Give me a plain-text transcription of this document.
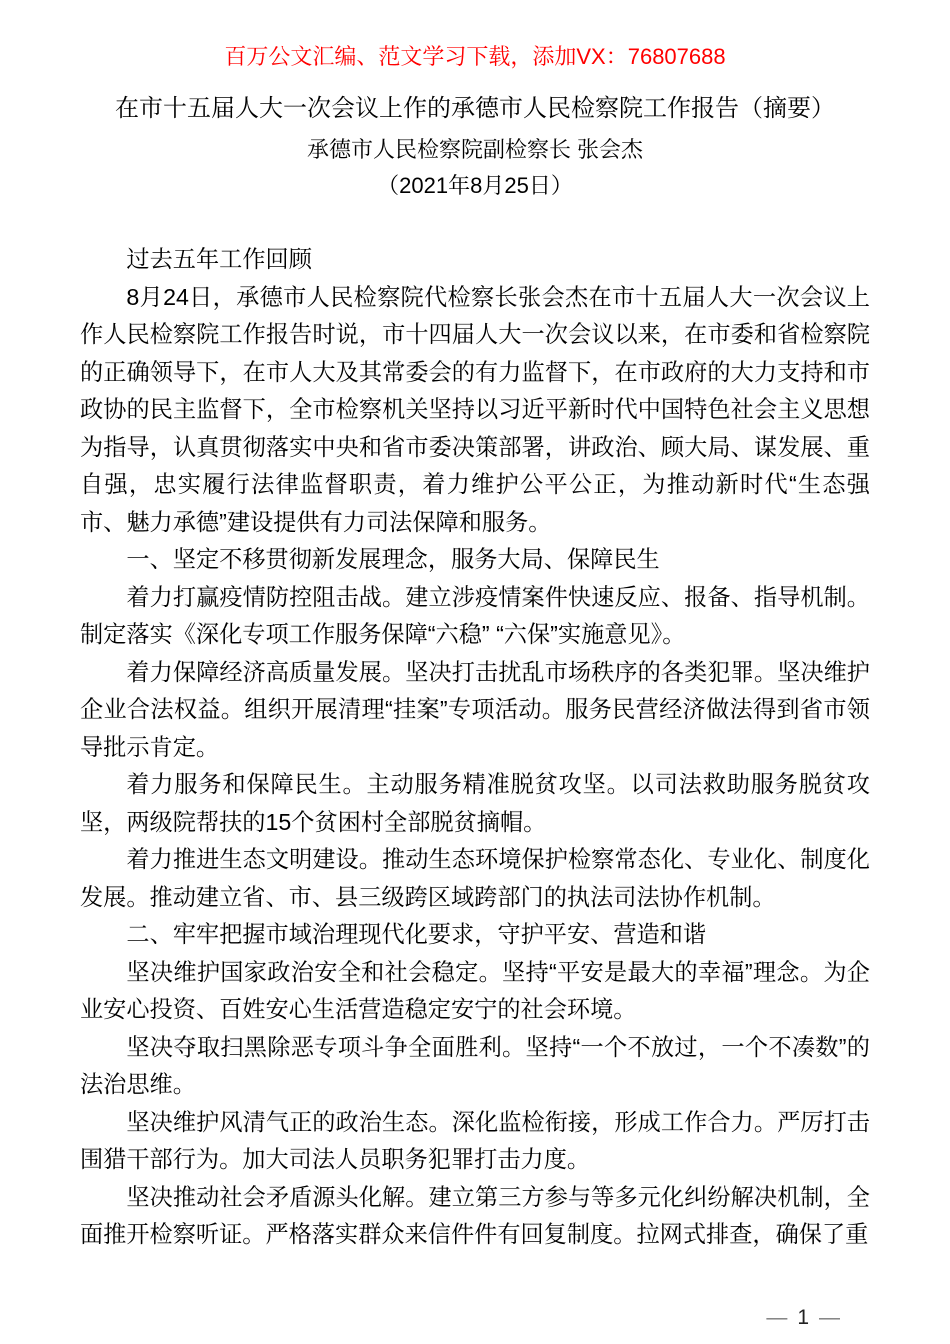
百万公文汇编、范文学习下载，添加VX：76807688
在市十五届人大一次会议上作的承德市人民检察院工作报告（摘要）
承德市人民检察院副检察长 张会杰
（2021年8月25日）

过去五年工作回顾

8月24日，承德市人民检察院代检察长张会杰在市十五届人大一次会议上作人民检察院工作报告时说，市十四届人大一次会议以来，在市委和省检察院的正确领导下，在市人大及其常委会的有力监督下，在市政府的大力支持和市政协的民主监督下，全市检察机关坚持以习近平新时代中国特色社会主义思想为指导，认真贯彻落实中央和省市委决策部署，讲政治、顾大局、谋发展、重自强，忠实履行法律监督职责，着力维护公平公正，为推动新时代“生态强市、魅力承德”建设提供有力司法保障和服务。

一、坚定不移贯彻新发展理念，服务大局、保障民生

着力打赢疫情防控阻击战。建立涉疫情案件快速反应、报备、指导机制。制定落实《深化专项工作服务保障“六稳” “六保”实施意见》。

着力保障经济高质量发展。坚决打击扰乱市场秩序的各类犯罪。坚决维护企业合法权益。组织开展清理“挂案”专项活动。服务民营经济做法得到省市领导批示肯定。

着力服务和保障民生。主动服务精准脱贫攻坚。以司法救助服务脱贫攻坚，两级院帮扶的15个贫困村全部脱贫摘帽。

着力推进生态文明建设。推动生态环境保护检察常态化、专业化、制度化发展。推动建立省、市、县三级跨区域跨部门的执法司法协作机制。

二、牢牢把握市域治理现代化要求，守护平安、营造和谐

坚决维护国家政治安全和社会稳定。坚持“平安是最大的幸福”理念。为企业安心投资、百姓安心生活营造稳定安宁的社会环境。

坚决夺取扫黑除恶专项斗争全面胜利。坚持“一个不放过，一个不凑数”的法治思维。

坚决维护风清气正的政治生态。深化监检衔接，形成工作合力。严厉打击围猎干部行为。加大司法人员职务犯罪打击力度。

坚决推动社会矛盾源头化解。建立第三方参与等多元化纠纷解决机制，全面推开检察听证。严格落实群众来信件件有回复制度。拉网式排查，确保了重

— 1 —
